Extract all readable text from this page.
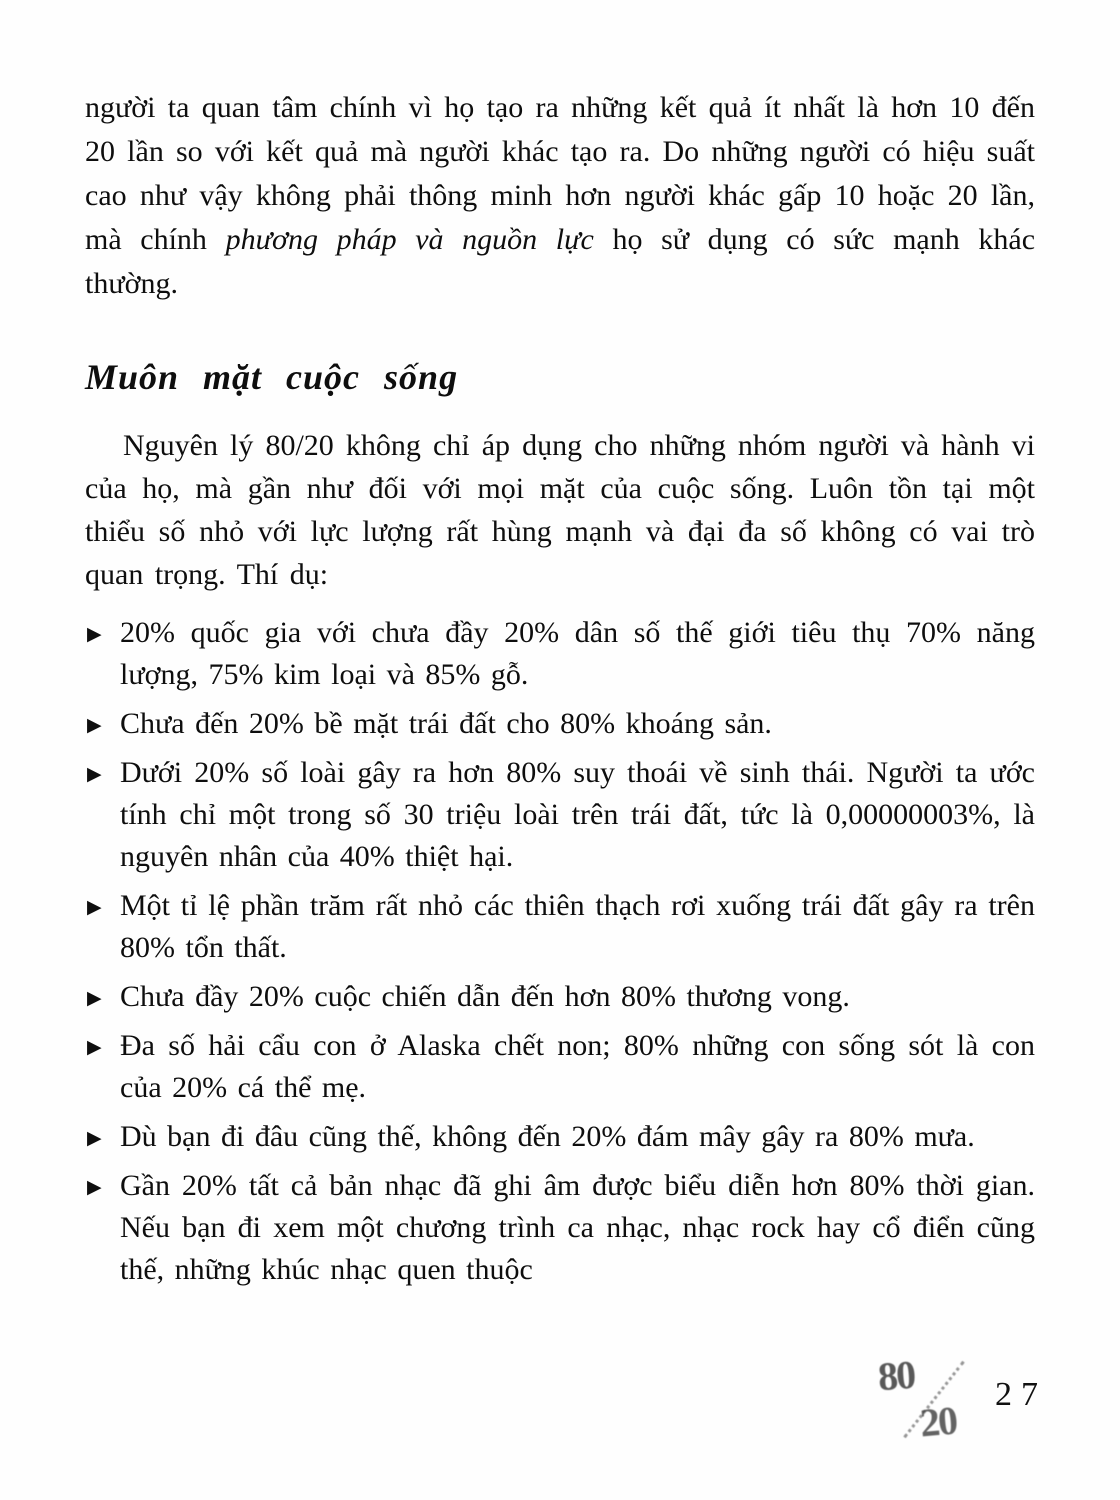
người ta quan tâm chính vì họ tạo ra những kết quả ít nhất là hơn 10 đến 20 lần so với kết quả mà người khác tạo ra. Do những người có hiệu suất cao như vậy không phải thông minh hơn người khác gấp 10 hoặc 20 lần, mà chính phương pháp và nguồn lực họ sử dụng có sức mạnh khác thường.

Muôn mặt cuộc sống

Nguyên lý 80/20 không chỉ áp dụng cho những nhóm người và hành vi của họ, mà gần như đối với mọi mặt của cuộc sống. Luôn tồn tại một thiểu số nhỏ với lực lượng rất hùng mạnh và đại đa số không có vai trò quan trọng. Thí dụ:

▶ 20% quốc gia với chưa đầy 20% dân số thế giới tiêu thụ 70% năng lượng, 75% kim loại và 85% gỗ.
▶ Chưa đến 20% bề mặt trái đất cho 80% khoáng sản.
▶ Dưới 20% số loài gây ra hơn 80% suy thoái về sinh thái. Người ta ước tính chỉ một trong số 30 triệu loài trên trái đất, tức là 0,00000003%, là nguyên nhân của 40% thiệt hại.
▶ Một tỉ lệ phần trăm rất nhỏ các thiên thạch rơi xuống trái đất gây ra trên 80% tổn thất.
▶ Chưa đầy 20% cuộc chiến dẫn đến hơn 80% thương vong.
▶ Đa số hải cẩu con ở Alaska chết non; 80% những con sống sót là con của 20% cá thể mẹ.
▶ Dù bạn đi đâu cũng thế, không đến 20% đám mây gây ra 80% mưa.
▶ Gần 20% tất cả bản nhạc đã ghi âm được biểu diễn hơn 80% thời gian. Nếu bạn đi xem một chương trình ca nhạc, nhạc rock hay cổ điển cũng thế, những khúc nhạc quen thuộc
80
20
27
